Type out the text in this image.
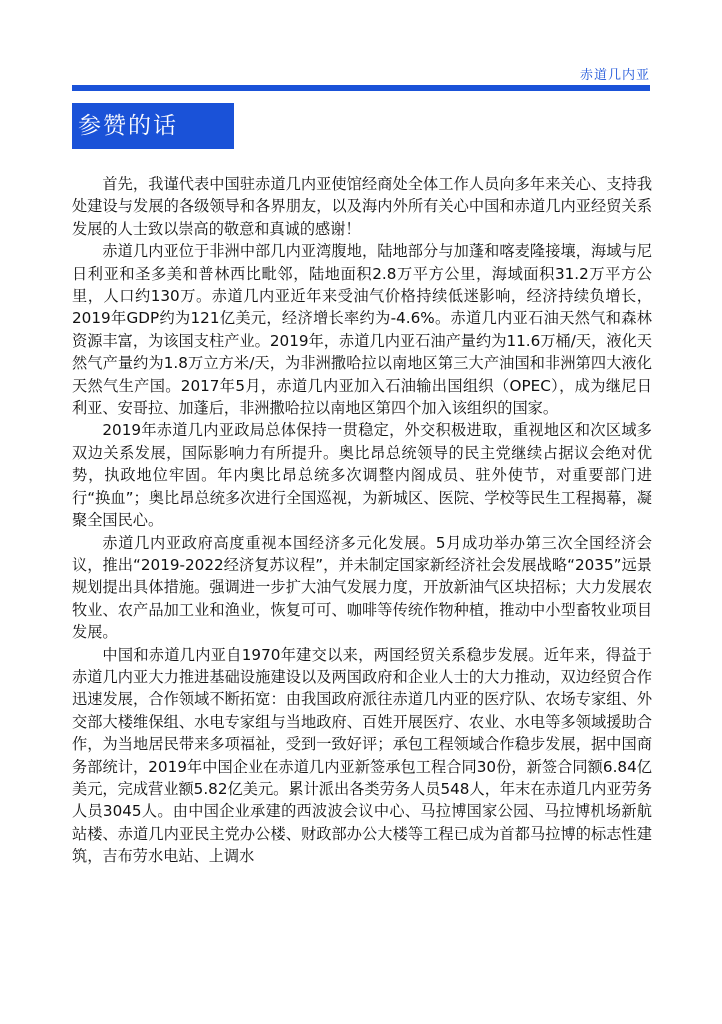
赤道几内亚
参赞的话

首先，我谨代表中国驻赤道几内亚使馆经商处全体工作人员向多年来关心、支持我处建设与发展的各级领导和各界朋友，以及海内外所有关心中国和赤道几内亚经贸关系发展的人士致以崇高的敬意和真诚的感谢！

赤道几内亚位于非洲中部几内亚湾腹地，陆地部分与加蓬和喀麦隆接壤，海域与尼日利亚和圣多美和普林西比毗邻，陆地面积2.8万平方公里，海域面积31.2万平方公里，人口约130万。赤道几内亚近年来受油气价格持续低迷影响，经济持续负增长，2019年GDP约为121亿美元，经济增长率约为-4.6%。赤道几内亚石油天然气和森林资源丰富，为该国支柱产业。2019年，赤道几内亚石油产量约为11.6万桶/天，液化天然气产量约为1.8万立方米/天，为非洲撒哈拉以南地区第三大产油国和非洲第四大液化天然气生产国。2017年5月，赤道几内亚加入石油输出国组织（OPEC），成为继尼日利亚、安哥拉、加蓬后，非洲撒哈拉以南地区第四个加入该组织的国家。

2019年赤道几内亚政局总体保持一贯稳定，外交积极进取，重视地区和次区域多双边关系发展，国际影响力有所提升。奥比昂总统领导的民主党继续占据议会绝对优势，执政地位牢固。年内奥比昂总统多次调整内阁成员、驻外使节，对重要部门进行“换血”；奥比昂总统多次进行全国巡视，为新城区、医院、学校等民生工程揭幕，凝聚全国民心。

赤道几内亚政府高度重视本国经济多元化发展。5月成功举办第三次全国经济会议，推出“2019-2022经济复苏议程”，并未制定国家新经济社会发展战略“2035”远景规划提出具体措施。强调进一步扩大油气发展力度，开放新油气区块招标；大力发展农牧业、农产品加工业和渔业，恢复可可、咖啡等传统作物种植，推动中小型畜牧业项目发展。

中国和赤道几内亚自1970年建交以来，两国经贸关系稳步发展。近年来，得益于赤道几内亚大力推进基础设施建设以及两国政府和企业人士的大力推动，双边经贸合作迅速发展，合作领域不断拓宽：由我国政府派往赤道几内亚的医疗队、农场专家组、外交部大楼维保组、水电专家组与当地政府、百姓开展医疗、农业、水电等多领域援助合作，为当地居民带来多项福祉，受到一致好评；承包工程领域合作稳步发展，据中国商务部统计，2019年中国企业在赤道几内亚新签承包工程合同30份，新签合同额6.84亿美元，完成营业额5.82亿美元。累计派出各类劳务人员548人，年末在赤道几内亚劳务人员3045人。由中国企业承建的西波波会议中心、马拉博国家公园、马拉博机场新航站楼、赤道几内亚民主党办公楼、财政部办公大楼等工程已成为首都马拉博的标志性建筑，吉布劳水电站、上调水
